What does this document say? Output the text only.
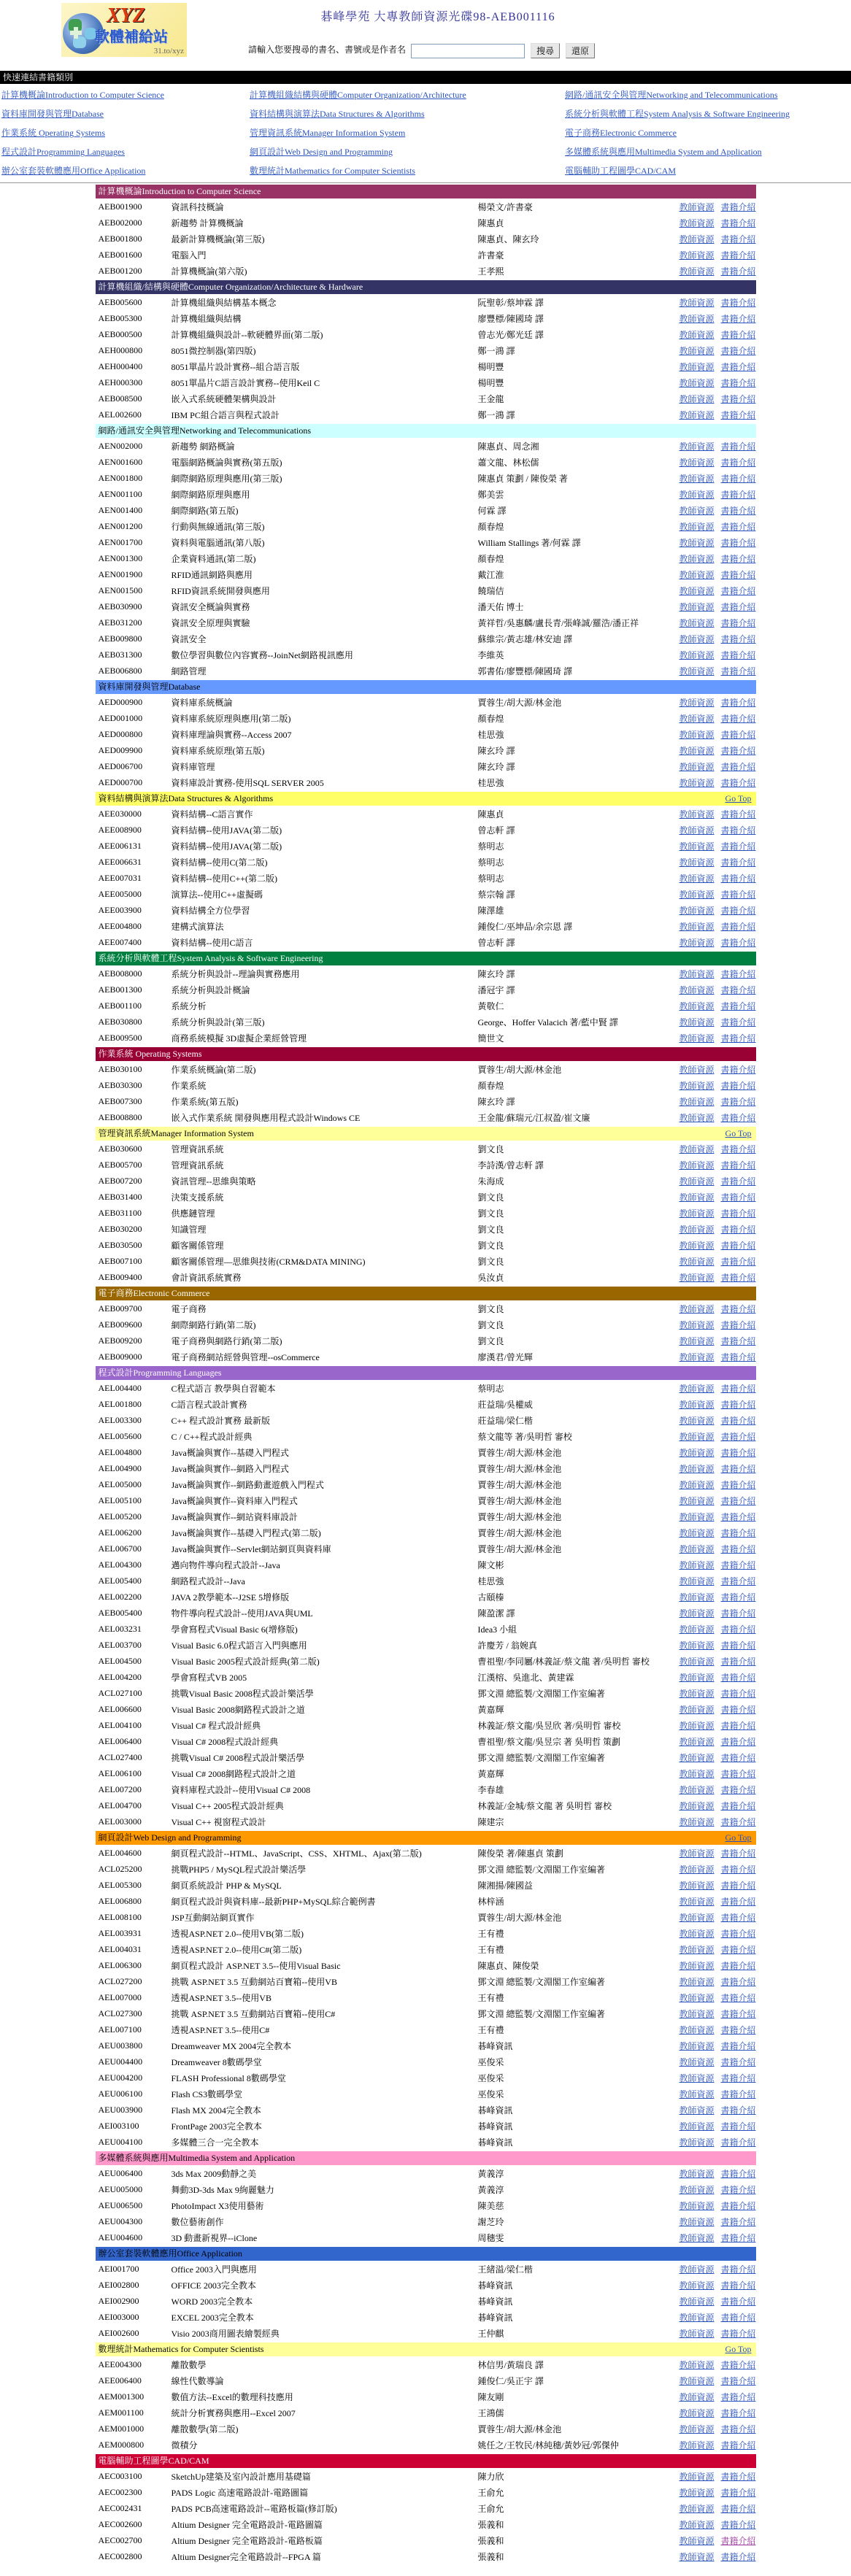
XYZ
軟體補給站
31.to/xyz
碁峰學苑 大專教師資源光碟98-AEB001116
請輸入您要搜尋的書名、書號或是作者名	搜尋 還原
快速連結書籍類別
計算機概論Introduction to Computer Science	計算機組織結構與硬體Computer Organization/Architecture	網路/通訊安全與管理Networking and Telecommunications
資料庫開發與管理Database	資料結構與演算法Data Structures & Algorithms	系統分析與軟體工程System Analysis & Software Engineering
作業系統 Operating Systems	管理資訊系統Manager Information System	電子商務Electronic Commerce
程式設計Programming Languages	網頁設計Web Design and Programming	多媒體系統與應用Multimedia System and Application
辦公室套裝軟體應用Office Application	數理統計Mathematics for Computer Scientists	電腦輔助工程圖學CAD/CAM
計算機概論Introduction to Computer Science
AEB001900	資訊科技概論	楊榮文/許書豪	教師資源 書籍介紹
AEB002000	新趨勢 計算機概論	陳惠貞	教師資源 書籍介紹
AEB001800	最新計算機概論(第三版)	陳惠貞、陳玄玲	教師資源 書籍介紹
AEB001600	電腦入門	許書豪	教師資源 書籍介紹
AEB001200	計算機概論(第六版)	王孝熙	教師資源 書籍介紹
計算機組織/結構與硬體Computer Organization/Architecture & Hardware
AEB005600	計算機組織與結構基本概念	阮聖彰/蔡坤霖 譯	教師資源 書籍介紹
AEB005300	計算機組織與結構	廖豐標/陳國琦 譯	教師資源 書籍介紹
AEB000500	計算機組織與設計--軟硬體界面(第二版)	曾志光/鄭光廷 譯	教師資源 書籍介紹
AEH000800	8051微控制器(第四版)	鄭一鴻 譯	教師資源 書籍介紹
AEH000400	8051單晶片設計實務--組合語言版	楊明豐	教師資源 書籍介紹
AEH000300	8051單晶片C語言設計實務--使用Keil C	楊明豐	教師資源 書籍介紹
AEB008500	嵌入式系統硬體架構與設計	王金龍	教師資源 書籍介紹
AEL002600	IBM PC組合語言與程式設計	鄭一鴻 譯	教師資源 書籍介紹
網路/通訊安全與管理Networking and Telecommunications
AEN002000	新趨勢 網路概論	陳惠貞、周念湘	教師資源 書籍介紹
AEN001600	電腦網路概論與實務(第五版)	蕭文龍、林松儒	教師資源 書籍介紹
AEN001800	網際網路原理與應用(第三版)	陳惠貞 策劃 / 陳俊榮 著	教師資源 書籍介紹
AEN001100	網際網路原理與應用	鄭美雲	教師資源 書籍介紹
AEN001400	網際網路(第五版)	何霖 譯	教師資源 書籍介紹
AEN001200	行動與無線通訊(第三版)	顏春煌	教師資源 書籍介紹
AEN001700	資料與電腦通訊(第八版)	William Stallings 著/何霖 譯	教師資源 書籍介紹
AEN001300	企業資料通訊(第二版)	顏春煌	教師資源 書籍介紹
AEN001900	RFID通訊網路與應用	戴江淮	教師資源 書籍介紹
AEN001500	RFID資訊系統開發與應用	饒瑞佶	教師資源 書籍介紹
AEB030900	資訊安全概論與實務	潘天佑 博士	教師資源 書籍介紹
AEB031200	資訊安全原理與實驗	黃祥哲/吳惠麟/盧長青/張峰誠/羅浩/潘正祥	教師資源 書籍介紹
AEB009800	資訊安全	蘇維宗/黃志雄/林安迪 譯	教師資源 書籍介紹
AEB031300	數位學習與數位內容實務--JoinNet網路視訊應用	李維英	教師資源 書籍介紹
AEB006800	網路管理	郭書佑/廖豐標/陳國琦 譯	教師資源 書籍介紹
資料庫開發與管理Database
AED000900	資料庫系統概論	賈蓉生/胡大源/林金池	教師資源 書籍介紹
AED001000	資料庫系統原理與應用(第二版)	顏春煌	教師資源 書籍介紹
AED000800	資料庫理論與實務--Access 2007	桂思強	教師資源 書籍介紹
AED009900	資料庫系統原理(第五版)	陳玄玲 譯	教師資源 書籍介紹
AED006700	資料庫管理	陳玄玲 譯	教師資源 書籍介紹
AED000700	資料庫設計實務-使用SQL SERVER 2005	桂思強	教師資源 書籍介紹
資料結構與演算法Data Structures & Algorithms	Go Top
AEE030000	資料結構--C語言實作	陳惠貞	教師資源 書籍介紹
AEE008900	資料結構--使用JAVA(第二版)	曾志軒 譯	教師資源 書籍介紹
AEE006131	資料結構--使用JAVA(第二版)	蔡明志	教師資源 書籍介紹
AEE006631	資料結構--使用C(第二版)	蔡明志	教師資源 書籍介紹
AEE007031	資料結構--使用C++(第二版)	蔡明志	教師資源 書籍介紹
AEE005000	演算法--使用C++虛擬碼	蔡宗翰 譯	教師資源 書籍介紹
AEE003900	資料結構全方位學習	陳澤雄	教師資源 書籍介紹
AEE004800	建構式演算法	鍾俊仁/巫坤品/余宗恩 譯	教師資源 書籍介紹
AEE007400	資料結構--使用C語言	曾志軒 譯	教師資源 書籍介紹
系統分析與軟體工程System Analysis & Software Engineering
AEB008000	系統分析與設計--理論與實務應用	陳玄玲 譯	教師資源 書籍介紹
AEB001300	系統分析與設計概論	潘冠宇 譯	教師資源 書籍介紹
AEB001100	系統分析	黃敬仁	教師資源 書籍介紹
AEB030800	系統分析與設計(第三版)	George、Hoffer Valacich 著/藍中賢 譯	教師資源 書籍介紹
AEB009500	商務系統模擬 3D虛擬企業經營管理	簡世文	教師資源 書籍介紹
作業系統 Operating Systems
AEB030100	作業系統概論(第二版)	賈蓉生/胡大源/林金池	教師資源 書籍介紹
AEB030300	作業系統	顏春煌	教師資源 書籍介紹
AEB007300	作業系統(第五版)	陳玄玲 譯	教師資源 書籍介紹
AEB008800	嵌入式作業系統 開發與應用程式設計Windows CE	王金龍/蘇瑞元/江叔盈/崔文廉	教師資源 書籍介紹
管理資訊系統Manager Information System	Go Top
AEB030600	管理資訊系統	劉文良	教師資源 書籍介紹
AEB005700	管理資訊系統	李詩漢/曾志軒 譯	教師資源 書籍介紹
AEB007200	資訊管理--思維與策略	朱海成	教師資源 書籍介紹
AEB031400	決策支援系統	劉文良	教師資源 書籍介紹
AEB031100	供應鏈管理	劉文良	教師資源 書籍介紹
AEB030200	知識管理	劉文良	教師資源 書籍介紹
AEB030500	顧客關係管理	劉文良	教師資源 書籍介紹
AEB007100	顧客關係管理—思維與技術(CRM&DATA MINING)	劉文良	教師資源 書籍介紹
AEB009400	會計資訊系統實務	吳汝貞	教師資源 書籍介紹
電子商務Electronic Commerce
AEB009700	電子商務	劉文良	教師資源 書籍介紹
AEB009600	網際網路行銷(第二版)	劉文良	教師資源 書籍介紹
AEB009200	電子商務與網路行銷(第二版)	劉文良	教師資源 書籍介紹
AEB009000	電子商務網站經營與管理--osCommerce	廖漢君/曾光輝	教師資源 書籍介紹
程式設計Programming Languages
AEL004400	C程式語言 教學與自習範本	蔡明志	教師資源 書籍介紹
AEL001800	C語言程式設計實務	莊益瑞/吳權威	教師資源 書籍介紹
AEL003300	C++ 程式設計實務 最新版	莊益瑞/梁仁楷	教師資源 書籍介紹
AEL005600	C / C++程式設計經典	蔡文龍等 著/吳明哲 審校	教師資源 書籍介紹
AEL004800	Java概論與實作--基礎入門程式	賈蓉生/胡大源/林金池	教師資源 書籍介紹
AEL004900	Java概論與實作--網路入門程式	賈蓉生/胡大源/林金池	教師資源 書籍介紹
AEL005000	Java概論與實作--網路動畫遊戲入門程式	賈蓉生/胡大源/林金池	教師資源 書籍介紹
AEL005100	Java概論與實作--資料庫入門程式	賈蓉生/胡大源/林金池	教師資源 書籍介紹
AEL005200	Java概論與實作--網站資料庫設計	賈蓉生/胡大源/林金池	教師資源 書籍介紹
AEL006200	Java概論與實作--基礎入門程式(第二版)	賈蓉生/胡大源/林金池	教師資源 書籍介紹
AEL006700	Java概論與實作--Servlet網站網頁與資料庫	賈蓉生/胡大源/林金池	教師資源 書籍介紹
AEL004300	邁向物件導向程式設計--Java	陳文彬	教師資源 書籍介紹
AEL005400	網路程式設計--Java	桂思強	教師資源 書籍介紹
AEL002200	JAVA 2教學範本--J2SE 5增修版	古頤榛	教師資源 書籍介紹
AEB005400	物件導向程式設計--使用JAVA與UML	陳盈潔 譯	教師資源 書籍介紹
AEL003231	學會寫程式Visual Basic 6(增修版)	Idea3 小組	教師資源 書籍介紹
AEL003700	Visual Basic 6.0程式語言入門與應用	許慶芳 / 翁婉真	教師資源 書籍介紹
AEL004500	Visual Basic 2005程式設計經典(第二版)	曹祖聖/李同屬/林義証/蔡文龍 著/吳明哲 審校	教師資源 書籍介紹
AEL004200	學會寫程式VB 2005	江漢榕、吳進北、黃建霖	教師資源 書籍介紹
ACL027100	挑戰Visual Basic 2008程式設計樂活學	鄧文淵 總監製/文淵閣工作室編著	教師資源 書籍介紹
AEL006600	Visual Basic 2008網路程式設計之道	黃嘉輝	教師資源 書籍介紹
AEL004100	Visual C# 程式設計經典	林義証/蔡文龍/吳昱欣 著/吳明哲 審校	教師資源 書籍介紹
AEL006400	Visual C# 2008程式設計經典	曹祖聖/蔡文龍/吳昱宗 著 吳明哲 策劃	教師資源 書籍介紹
ACL027400	挑戰Visual C# 2008程式設計樂活學	鄧文淵 總監製/文淵閣工作室編著	教師資源 書籍介紹
AEL006100	Visual C# 2008網路程式設計之道	黃嘉輝	教師資源 書籍介紹
AEL007200	資料庫程式設計--使用Visual C# 2008	李春雄	教師資源 書籍介紹
AEL004700	Visual C++ 2005程式設計經典	林義証/金城/蔡文龍 著 吳明哲 審校	教師資源 書籍介紹
AEL003000	Visual C++ 視窗程式設計	陳建宗	教師資源 書籍介紹
網頁設計Web Design and Programming	Go Top
AEL004600	網頁程式設計--HTML、JavaScript、CSS、XHTML、Ajax(第二版)	陳俊榮 著/陳惠貞 策劃	教師資源 書籍介紹
ACL025200	挑戰PHP5 / MySQL程式設計樂活學	鄧文淵 總監製/文淵閣工作室編著	教師資源 書籍介紹
AEL005300	網頁系統設計 PHP & MySQL	陳湘揚/陳國益	教師資源 書籍介紹
AEL006800	網頁程式設計與資料庫--最新PHP+MySQL綜合範例書	林梓涵	教師資源 書籍介紹
AEL008100	JSP互動網站網頁實作	賈蓉生/胡大源/林金池	教師資源 書籍介紹
AEL003931	透視ASP.NET 2.0--使用VB(第二版)	王有禮	教師資源 書籍介紹
AEL004031	透視ASP.NET 2.0--使用C#(第二版)	王有禮	教師資源 書籍介紹
AEL006300	網頁程式設計 ASP.NET 3.5--使用Visual Basic	陳惠貞、陳俊榮	教師資源 書籍介紹
ACL027200	挑戰 ASP.NET 3.5 互動網站百寶箱--使用VB	鄧文淵 總監製/文淵閣工作室編著	教師資源 書籍介紹
AEL007000	透視ASP.NET 3.5--使用VB	王有禮	教師資源 書籍介紹
ACL027300	挑戰 ASP.NET 3.5 互動網站百寶箱--使用C#	鄧文淵 總監製/文淵閣工作室編著	教師資源 書籍介紹
AEL007100	透視ASP.NET 3.5--使用C#	王有禮	教師資源 書籍介紹
AEU003800	Dreamweaver MX 2004完全教本	碁峰資訊	教師資源 書籍介紹
AEU004400	Dreamweaver 8數碼學堂	巫俊采	教師資源 書籍介紹
AEU004200	FLASH Professional 8數碼學堂	巫俊采	教師資源 書籍介紹
AEU006100	Flash CS3數碼學堂	巫俊采	教師資源 書籍介紹
AEU003900	Flash MX 2004完全教本	碁峰資訊	教師資源 書籍介紹
AEI003100	FrontPage 2003完全教本	碁峰資訊	教師資源 書籍介紹
AEU004100	多媒體三合一完全教本	碁峰資訊	教師資源 書籍介紹
多媒體系統與應用Multimedia System and Application
AEU006400	3ds Max 2009動靜之美	黃義淳	教師資源 書籍介紹
AEU005000	舞動3D-3ds Max 9絢麗魅力	黃義淳	教師資源 書籍介紹
AEU006500	PhotoImpact X3使用藝術	陳美慈	教師資源 書籍介紹
AEU004300	數位藝術創作	謝芝玲	教師資源 書籍介紹
AEU004600	3D 動畫新視界--iClone	周穗雯	教師資源 書籍介紹
辦公室套裝軟體應用Office Application
AEI001700	Office 2003入門與應用	王緒溢/梁仁楷	教師資源 書籍介紹
AEI002800	OFFICE 2003完全教本	碁峰資訊	教師資源 書籍介紹
AEI002900	WORD 2003完全教本	碁峰資訊	教師資源 書籍介紹
AEI003000	EXCEL 2003完全教本	碁峰資訊	教師資源 書籍介紹
AEI002600	Visio 2003商用圖表繪製經典	王仲麒	教師資源 書籍介紹
數理統計Mathematics for Computer Scientists	Go Top
AEE004300	離散數學	林信男/黃瑞良 譯	教師資源 書籍介紹
AEE006400	線性代數導論	鍾俊仁/吳正宇 譯	教師資源 書籍介紹
AEM001300	數值方法--Excel的數理科技應用	陳友剛	教師資源 書籍介紹
AEM001100	統計分析實務與應用--Excel 2007	王鴻儒	教師資源 書籍介紹
AEM001000	離散數學(第二版)	賈蓉生/胡大源/林金池	教師資源 書籍介紹
AEM000800	微積分	姚任之/王牧民/林純穗/黃妙冠/郭傑仲	教師資源 書籍介紹
電腦輔助工程圖學CAD/CAM
AEC003100	SketchUp建築及室內設計應用基礎篇	陳力欣	教師資源 書籍介紹
AEC002300	PADS Logic 高速電路設計-電路圖篇	王俞允	教師資源 書籍介紹
AEC002431	PADS PCB高速電路設計--電路板篇(修訂版)	王俞允	教師資源 書籍介紹
AEC002600	Altium Designer 完全電路設計-電路圖篇	張義和	教師資源 書籍介紹
AEC002700	Altium Designer 完全電路設計-電路板篇	張義和	教師資源 書籍介紹
AEC002800	Altium Designer完全電路設計--FPGA 篇	張義和	教師資源 書籍介紹
